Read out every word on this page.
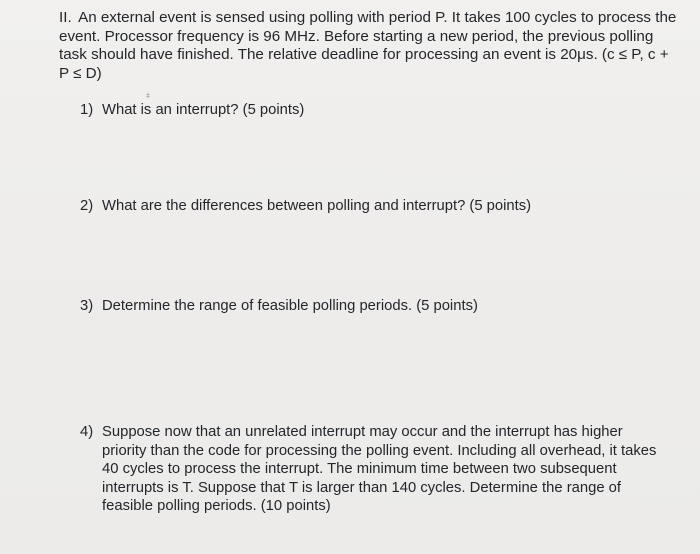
II. An external event is sensed using polling with period P. It takes 100 cycles to process the event. Processor frequency is 96 MHz. Before starting a new period, the previous polling task should have finished. The relative deadline for processing an event is 20μs. (c ≤ P, c + P ≤ D)
ǂ
1) What is an interrupt? (5 points)
2) What are the differences between polling and interrupt? (5 points)
3) Determine the range of feasible polling periods. (5 points)
4) Suppose now that an unrelated interrupt may occur and the interrupt has higher priority than the code for processing the polling event. Including all overhead, it takes 40 cycles to process the interrupt. The minimum time between two subsequent interrupts is T. Suppose that T is larger than 140 cycles. Determine the range of feasible polling periods. (10 points)
